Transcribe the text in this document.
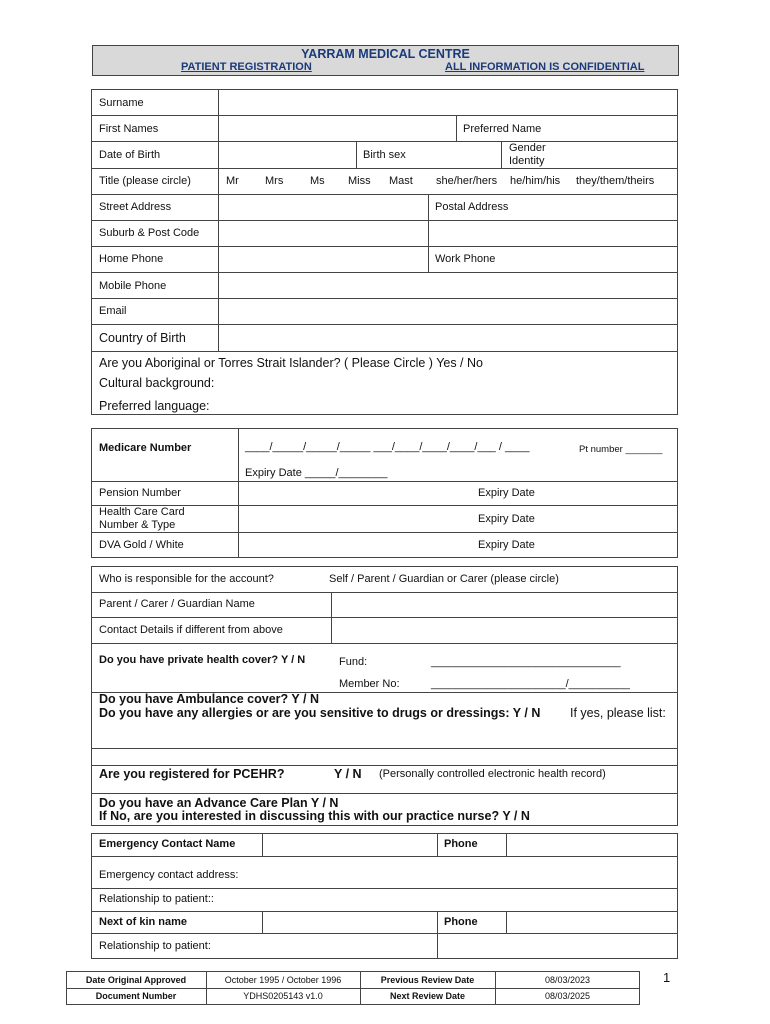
YARRAM MEDICAL CENTRE
PATIENT REGISTRATION	ALL INFORMATION IS CONFIDENTIAL
Surname
First Names	Preferred Name
Date of Birth	Birth sex
Gender
Identity
Title (please circle)	Mr Mrs Ms Miss Mast she/her/hers he/him/his they/them/theirs
Street Address	Postal Address
Suburb & Post Code
Home Phone	Work Phone
Mobile Phone
Email
Country of Birth
Are you Aboriginal or Torres Strait Islander? ( Please Circle ) Yes / No
Cultural background:
Preferred language:
Medicare Number	____/_____/_____/_____ ___/____/____/____/___ / ____	Pt number _______
Expiry Date _____/________
Pension Number	Expiry Date
Health Care Card
Number & Type	Expiry Date
DVA Gold / White	Expiry Date
Who is responsible for the account?	Self / Parent / Guardian or Carer (please circle)
Parent / Carer / Guardian Name
Contact Details if different from above
Do you have private health cover? Y / N	Fund:	_______________________________
Member No:	______________________/__________
Do you have Ambulance cover? Y / N
Do you have any allergies or are you sensitive to drugs or dressings: Y / N If yes, please list:
Are you registered for PCEHR?	Y / N (Personally controlled electronic health record)
Do you have an Advance Care Plan Y / N
If No, are you interested in discussing this with our practice nurse? Y / N
Emergency Contact Name	Phone
Emergency contact address:
Relationship to patient::
Next of kin name	Phone
Relationship to patient:
Date Original Approved	October 1995 / October 1996	Previous Review Date	08/03/2023
Document Number	YDHS0205143 v1.0	Next Review Date	08/03/2025
1
